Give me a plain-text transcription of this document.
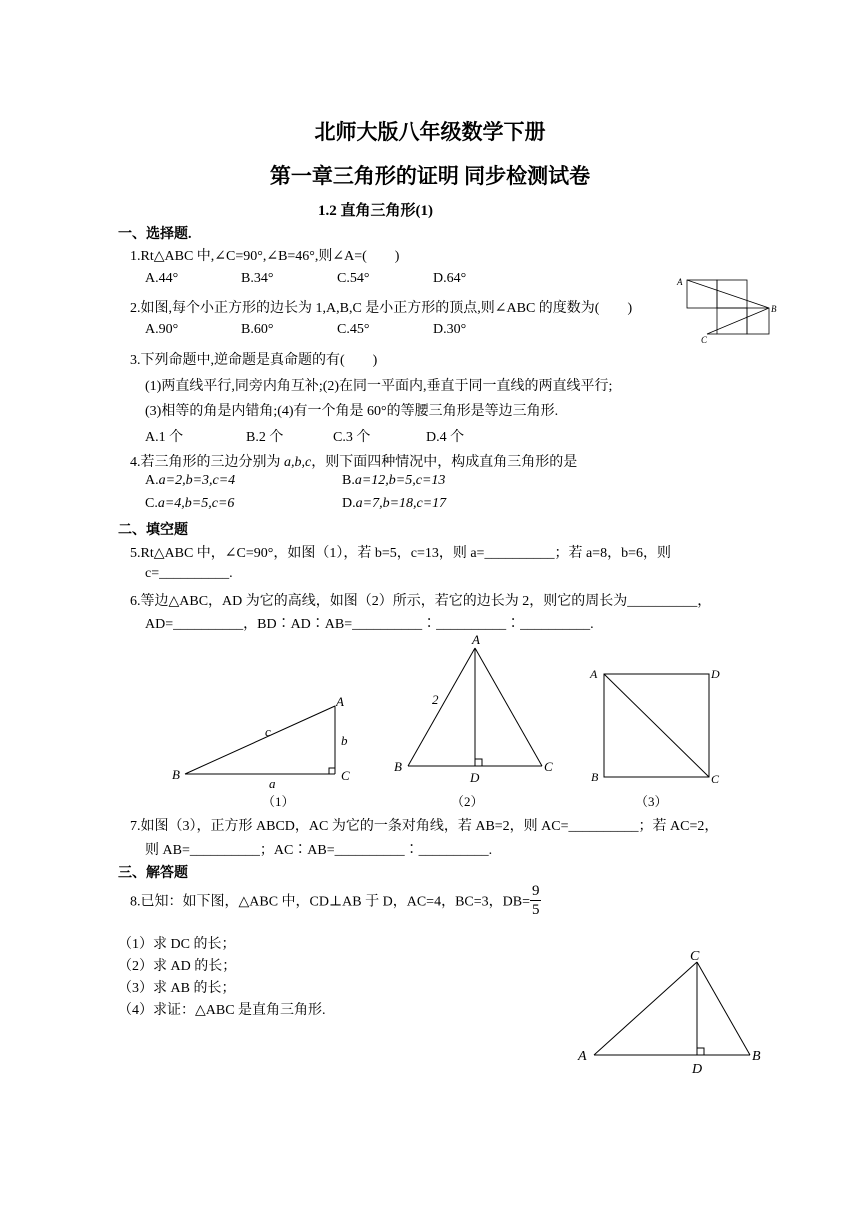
北师大版八年级数学下册
第一章三角形的证明 同步检测试卷
1.2 直角三角形(1)
一、选择题.
1.Rt△ABC 中,∠C=90°,∠B=46°,则∠A=(　　)
A.44°	B.34°	C.54°	D.64°
2.如图,每个小正方形的边长为 1,A,B,C 是小正方形的顶点,则∠ABC 的度数为(　　)
A.90°	B.60°	C.45°	D.30°
A
B
C
3.下列命题中,逆命题是真命题的有(　　)
(1)两直线平行,同旁内角互补;(2)在同一平面内,垂直于同一直线的两直线平行;
(3)相等的角是内错角;(4)有一个角是 60°的等腰三角形是等边三角形.
A.1 个	B.2 个	C.3 个	D.4 个
4.若三角形的三边分别为 a,b,c，则下面四种情况中，构成直角三角形的是
A.a=2,b=3,c=4	B.a=12,b=5,c=13
C.a=4,b=5,c=6	D.a=7,b=18,c=17
二、填空题
5.Rt△ABC 中，∠C=90°，如图（1），若 b=5，c=13，则 a=__________；若 a=8，b=6，则
c=__________.
6.等边△ABC，AD 为它的高线，如图（2）所示，若它的边长为 2，则它的周长为__________，
AD=__________，BD∶AD∶AB=__________∶__________∶__________.
A
B	C
a
b
c
（1）
A
B	C
D
2
（2）
A
B	C
D
（3）
7.如图（3），正方形 ABCD，AC 为它的一条对角线，若 AB=2，则 AC=__________；若 AC=2，
则 AB=__________；AC∶AB=__________∶__________.
三、解答题
8.已知：如下图，△ABC 中，CD⊥AB 于 D，AC=4，BC=3，$DB= \frac{9}{5}$
（1）求 DC 的长；
（2）求 AD 的长；
（3）求 AB 的长；
（4）求证：△ABC 是直角三角形.
C
A	B
D
